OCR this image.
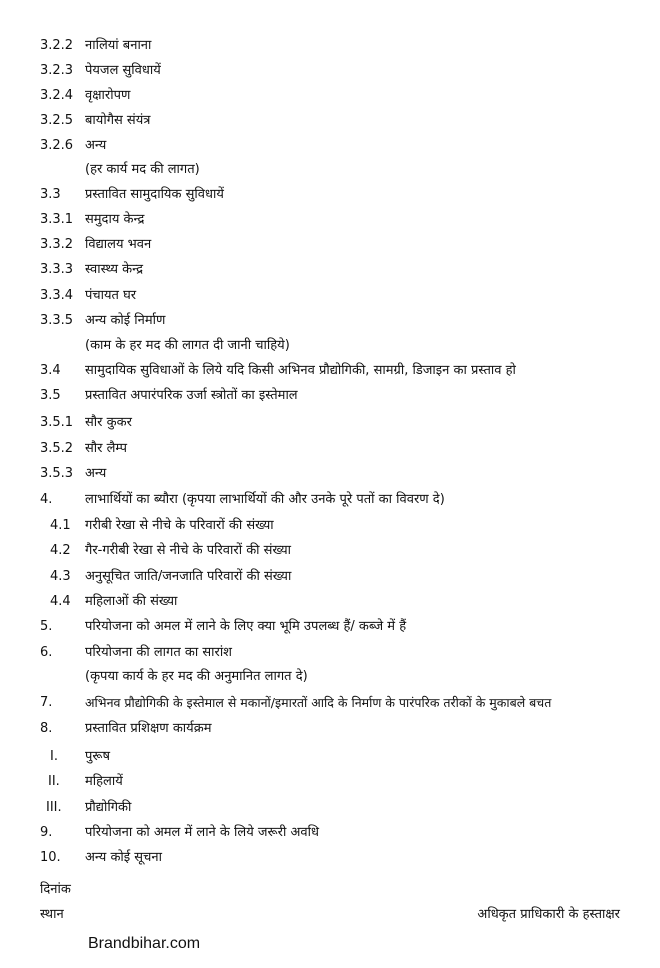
3.2.2 नालियां बनाना
3.2.3 पेयजल सुविधायें
3.2.4 वृक्षारोपण
3.2.5 बायोगैस संयंत्र
3.2.6 अन्य
(हर कार्य मद की लागत)
3.3 प्रस्तावित सामुदायिक सुविधायें
3.3.1 समुदाय केन्द्र
3.3.2 विद्यालय भवन
3.3.3 स्वास्थ्य केन्द्र
3.3.4 पंचायत घर
3.3.5 अन्य कोई निर्माण
(काम के हर मद की लागत दी जानी चाहिये)
3.4 सामुदायिक सुविधाओं के लिये यदि किसी अभिनव प्रौद्योगिकी, सामग्री, डिजाइन का प्रस्ताव हो
3.5 प्रस्तावित अपारंपरिक उर्जा स्त्रोतों का इस्तेमाल
3.5.1 सौर कुकर
3.5.2 सौर लैम्प
3.5.3 अन्य
4.	लाभार्थियों का ब्यौरा (कृपया लाभार्थियों की और उनके पूरे पतों का विवरण दे)
4.1 गरीबी रेखा से नीचे के परिवारों की संख्या
4.2 गैर-गरीबी रेखा से नीचे के परिवारों की संख्या
4.3 अनुसूचित जाति/जनजाति परिवारों की संख्या
4.4 महिलाओं की संख्या
5.	परियोजना को अमल में लाने के लिए क्या भूमि उपलब्ध हैं/ कब्जे में हैं
6.	परियोजना की लागत का सारांश
(कृपया कार्य के हर मद की अनुमानित लागत दे)
7.	अभिनव प्रौद्योगिकी के इस्तेमाल से मकानों/इमारतों आदि के निर्माण के पारंपरिक तरीकों के मुकाबले बचत
8.	प्रस्तावित प्रशिक्षण कार्यक्रम
I. पुरूष
II. महिलायें
III. प्रौद्योगिकी
9.	परियोजना को अमल में लाने के लिये जरूरी अवधि
10. अन्य कोई सूचना
दिनांक
स्थान	अधिकृत प्राधिकारी के हस्ताक्षर
Brandbihar.com
